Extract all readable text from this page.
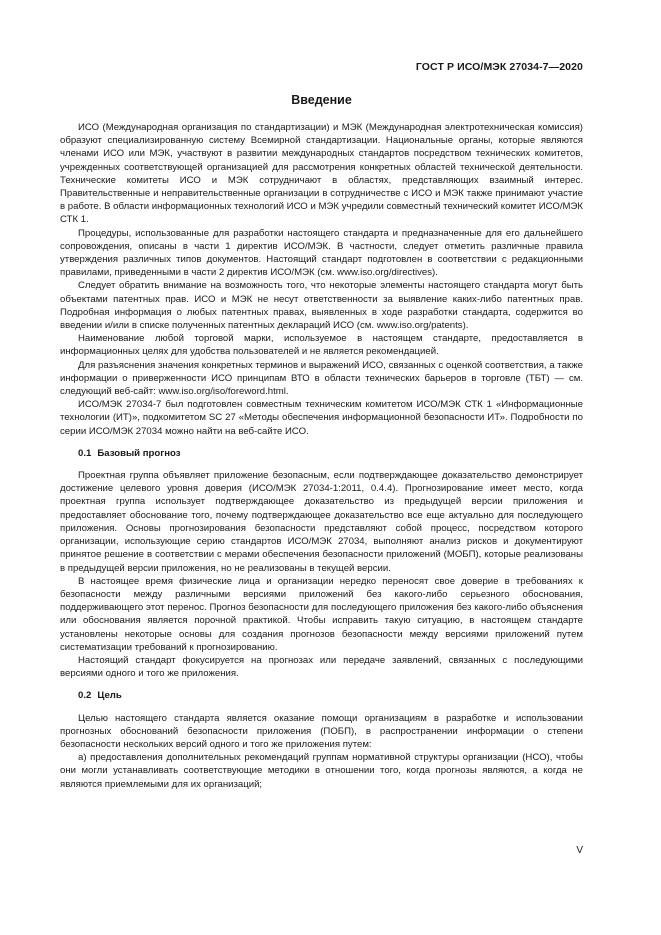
ГОСТ Р ИСО/МЭК 27034-7—2020
Введение

ИСО (Международная организация по стандартизации) и МЭК (Международная электротехническая комиссия) образуют специализированную систему Всемирной стандартизации. Национальные органы, которые являются членами ИСО или МЭК, участвуют в развитии международных стандартов посредством технических комитетов, учрежденных соответствующей организацией для рассмотрения конкретных областей технической деятельности. Технические комитеты ИСО и МЭК сотрудничают в областях, представляющих взаимный интерес. Правительственные и неправительственные организации в сотрудничестве с ИСО и МЭК также принимают участие в работе. В области информационных технологий ИСО и МЭК учредили совместный технический комитет ИСО/МЭК СТК 1.

Процедуры, использованные для разработки настоящего стандарта и предназначенные для его дальнейшего сопровождения, описаны в части 1 директив ИСО/МЭК. В частности, следует отметить различные правила утверждения различных типов документов. Настоящий стандарт подготовлен в соответствии с редакционными правилами, приведенными в части 2 директив ИСО/МЭК (см. www.iso.org/directives).

Следует обратить внимание на возможность того, что некоторые элементы настоящего стандарта могут быть объектами патентных прав. ИСО и МЭК не несут ответственности за выявление каких-либо патентных прав. Подробная информация о любых патентных правах, выявленных в ходе разработки стандарта, содержится во введении и/или в списке полученных патентных деклараций ИСО (см. www.iso.org/patents).

Наименование любой торговой марки, используемое в настоящем стандарте, предоставляется в информационных целях для удобства пользователей и не является рекомендацией.

Для разъяснения значения конкретных терминов и выражений ИСО, связанных с оценкой соответствия, а также информации о приверженности ИСО принципам ВТО в области технических барьеров в торговле (ТБТ) — см. следующий веб-сайт: www.iso.org/iso/foreword.html.

ИСО/МЭК 27034-7 был подготовлен совместным техническим комитетом ИСО/МЭК СТК 1 «Информационные технологии (ИТ)», подкомитетом SC 27 «Методы обеспечения информационной безопасности ИТ». Подробности по серии ИСО/МЭК 27034 можно найти на веб-сайте ИСО.

0.1 Базовый прогноз

Проектная группа объявляет приложение безопасным, если подтверждающее доказательство демонстрирует достижение целевого уровня доверия (ИСО/МЭК 27034-1:2011, 0.4.4). Прогнозирование имеет место, когда проектная группа использует подтверждающее доказательство из предыдущей версии приложения и предоставляет обоснование того, почему подтверждающее доказательство все еще актуально для последующего приложения. Основы прогнозирования безопасности представляют собой процесс, посредством которого организации, использующие серию стандартов ИСО/МЭК 27034, выполняют анализ рисков и документируют принятое решение в соответствии с мерами обеспечения безопасности приложений (МОБП), которые реализованы в предыдущей версии приложения, но не реализованы в текущей версии.

В настоящее время физические лица и организации нередко переносят свое доверие в требованиях к безопасности между различными версиями приложений без какого-либо серьезного обоснования, поддерживающего этот перенос. Прогноз безопасности для последующего приложения без какого-либо объяснения или обоснования является порочной практикой. Чтобы исправить такую ситуацию, в настоящем стандарте установлены некоторые основы для создания прогнозов безопасности между версиями приложений путем систематизации требований к прогнозированию.

Настоящий стандарт фокусируется на прогнозах или передаче заявлений, связанных с последующими версиями одного и того же приложения.

0.2 Цель

Целью настоящего стандарта является оказание помощи организациям в разработке и использовании прогнозных обоснований безопасности приложения (ПОБП), в распространении информации о степени безопасности нескольких версий одного и того же приложения путем:

а) предоставления дополнительных рекомендаций группам нормативной структуры организации (НСО), чтобы они могли устанавливать соответствующие методики в отношении того, когда прогнозы являются, а когда не являются приемлемыми для их организаций;

V
